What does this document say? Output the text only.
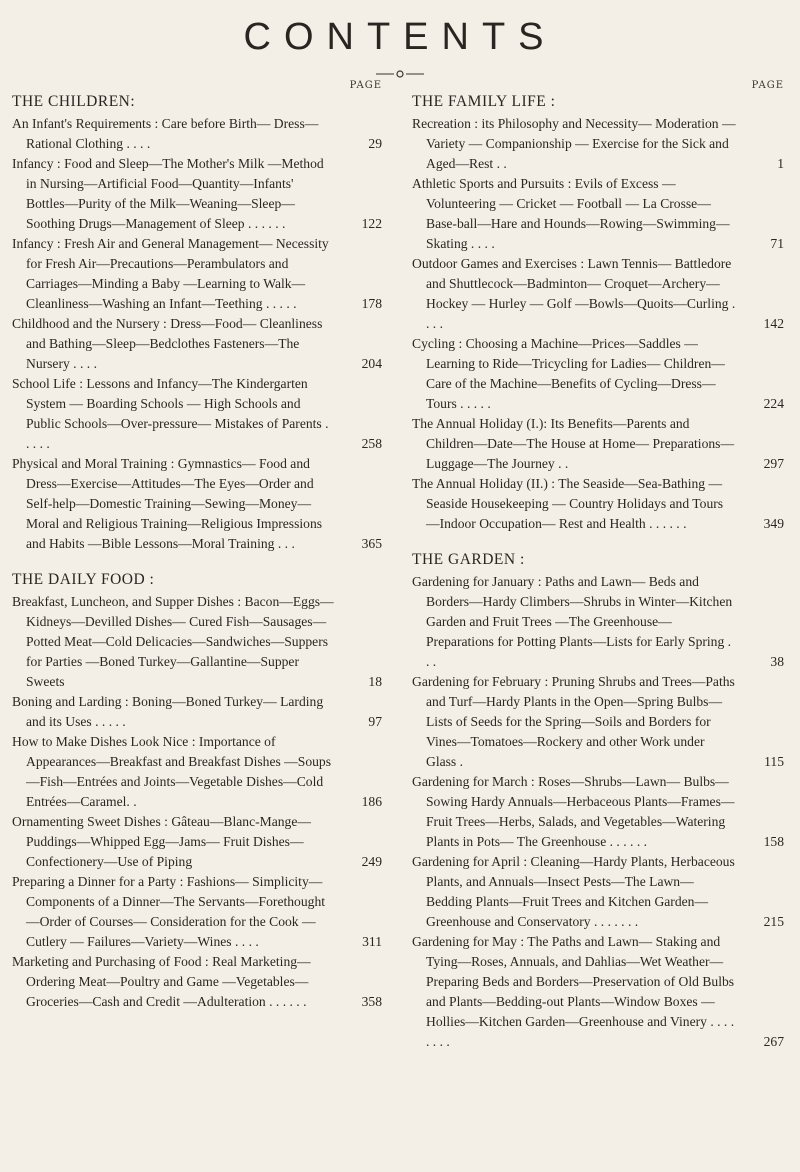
CONTENTS
PAGE
THE CHILDREN:
An Infant's Requirements : Care before Birth— Dress—Rational Clothing . . . .	29
Infancy : Food and Sleep—The Mother's Milk —Method in Nursing—Artificial Food—Quantity—Infants' Bottles—Purity of the Milk—Weaning—Sleep—Soothing Drugs—Management of Sleep . . . . . .	122
Infancy : Fresh Air and General Management— Necessity for Fresh Air—Precautions—Perambulators and Carriages—Minding a Baby —Learning to Walk—Cleanliness—Washing an Infant—Teething . . . . .	178
Childhood and the Nursery : Dress—Food— Cleanliness and Bathing—Sleep—Bedclothes Fasteners—The Nursery . . . .	204
School Life : Lessons and Infancy—The Kindergarten System — Boarding Schools — High Schools and Public Schools—Over-pressure— Mistakes of Parents . . . . .	258
Physical and Moral Training : Gymnastics— Food and Dress—Exercise—Attitudes—The Eyes—Order and Self-help—Domestic Training—Sewing—Money—Moral and Religious Training—Religious Impressions and Habits —Bible Lessons—Moral Training . . .	365
THE DAILY FOOD :
Breakfast, Luncheon, and Supper Dishes : Bacon—Eggs—Kidneys—Devilled Dishes— Cured Fish—Sausages—Potted Meat—Cold Delicacies—Sandwiches—Suppers for Parties —Boned Turkey—Gallantine—Supper Sweets	18
Boning and Larding : Boning—Boned Turkey— Larding and its Uses . . . . .	97
How to Make Dishes Look Nice : Importance of Appearances—Breakfast and Breakfast Dishes —Soups—Fish—Entrées and Joints—Vegetable Dishes—Cold Entrées—Caramel. .	186
Ornamenting Sweet Dishes : Gâteau—Blanc-Mange—Puddings—Whipped Egg—Jams— Fruit Dishes—Confectionery—Use of Piping	249
Preparing a Dinner for a Party : Fashions— Simplicity—Components of a Dinner—The Servants—Forethought—Order of Courses— Consideration for the Cook — Cutlery — Failures—Variety—Wines . . . .	311
Marketing and Purchasing of Food : Real Marketing—Ordering Meat—Poultry and Game —Vegetables—Groceries—Cash and Credit —Adulteration . . . . . .	358
PAGE
THE FAMILY LIFE :
Recreation : its Philosophy and Necessity— Moderation — Variety — Companionship — Exercise for the Sick and Aged—Rest . .	1
Athletic Sports and Pursuits : Evils of Excess — Volunteering — Cricket — Football — La Crosse—Base-ball—Hare and Hounds—Rowing—Swimming—Skating . . . .	71
Outdoor Games and Exercises : Lawn Tennis— Battledore and Shuttlecock—Badminton— Croquet—Archery—Hockey — Hurley — Golf —Bowls—Quoits—Curling . . . .	142
Cycling : Choosing a Machine—Prices—Saddles —Learning to Ride—Tricycling for Ladies— Children—Care of the Machine—Benefits of Cycling—Dress—Tours . . . . .	224
The Annual Holiday (I.): Its Benefits—Parents and Children—Date—The House at Home— Preparations—Luggage—The Journey . .	297
The Annual Holiday (II.) : The Seaside—Sea-Bathing — Seaside Housekeeping — Country Holidays and Tours—Indoor Occupation— Rest and Health . . . . . .	349
THE GARDEN :
Gardening for January : Paths and Lawn— Beds and Borders—Hardy Climbers—Shrubs in Winter—Kitchen Garden and Fruit Trees —The Greenhouse—Preparations for Potting Plants—Lists for Early Spring . . .	38
Gardening for February : Pruning Shrubs and Trees—Paths and Turf—Hardy Plants in the Open—Spring Bulbs—Lists of Seeds for the Spring—Soils and Borders for Vines—Tomatoes—Rockery and other Work under Glass .	115
Gardening for March : Roses—Shrubs—Lawn— Bulbs—Sowing Hardy Annuals—Herbaceous Plants—Frames—Fruit Trees—Herbs, Salads, and Vegetables—Watering Plants in Pots— The Greenhouse . . . . . .	158
Gardening for April : Cleaning—Hardy Plants, Herbaceous Plants, and Annuals—Insect Pests—The Lawn—Bedding Plants—Fruit Trees and Kitchen Garden—Greenhouse and Conservatory . . . . . . .	215
Gardening for May : The Paths and Lawn— Staking and Tying—Roses, Annuals, and Dahlias—Wet Weather—Preparing Beds and Borders—Preservation of Old Bulbs and Plants—Bedding-out Plants—Window Boxes —Hollies—Kitchen Garden—Greenhouse and Vinery . . . . . . . .	267
